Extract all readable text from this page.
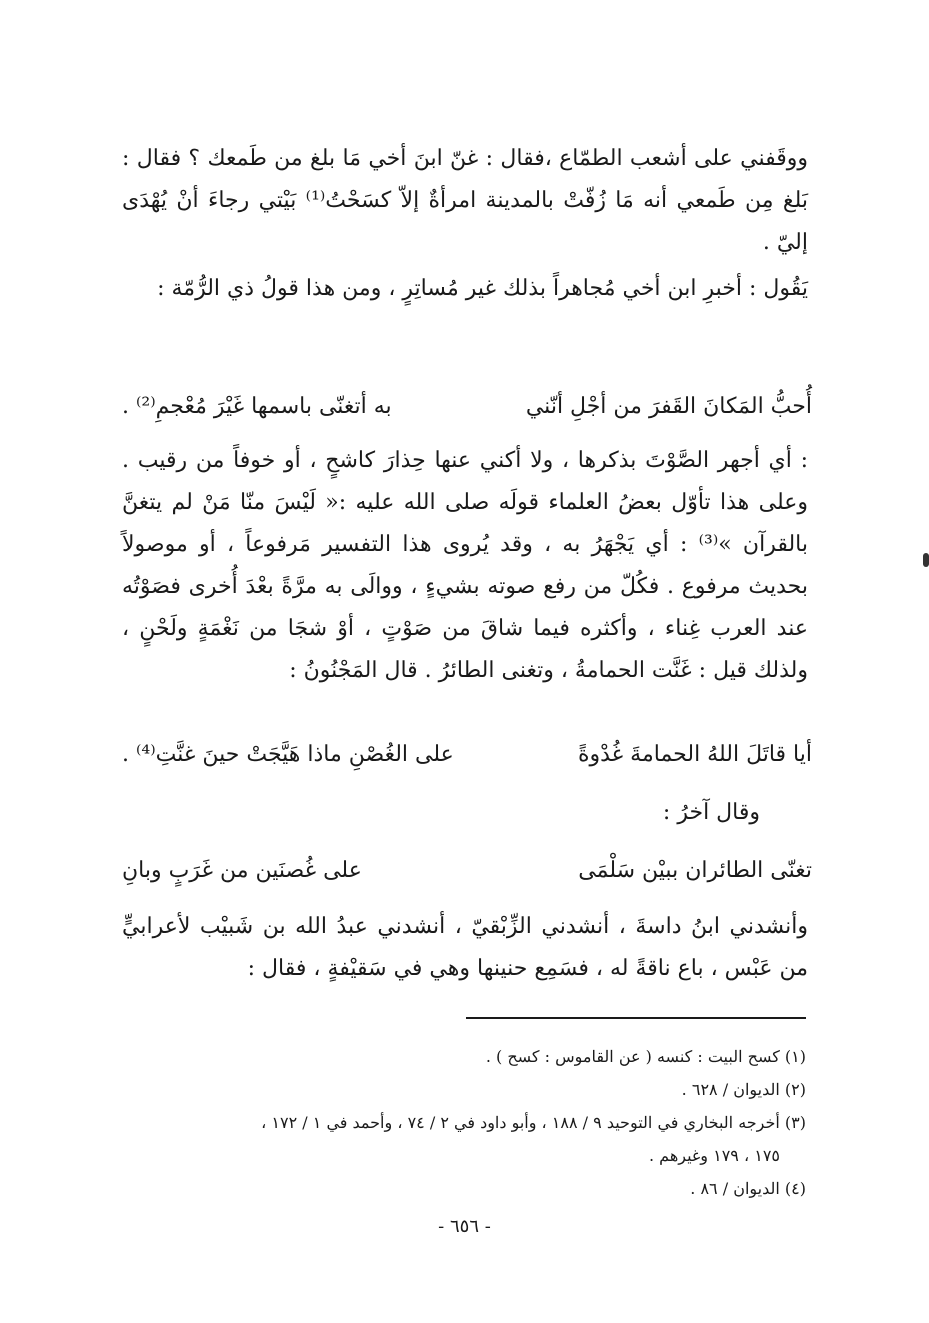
ووقَفني على أشعب الطمّاع ،فقال : غنّ ابنَ أخي مَا بلغ من طَمعك ؟ فقال : بَلغ مِن طَمعي أنه مَا زُفّتْ بالمدينة امرأةٌ إلاّ كسَحْتُ⁽¹⁾ بَيْتي رجاءَ أنْ يُهْدَى إليّ .

يَقُول : أخبرِ ابن أخي مُجاهراً بذلك غير مُساتِرٍ ، ومن هذا قولُ ذي الرُّمّة :

أُحبُّ المَكانَ القَفرَ من أجْلِ أنّني
به أتغنّى باسمها غَيْرَ مُعْجمِ⁽²⁾ .

: أي أجهر الصَّوْتَ بذكرها ، ولا أكني عنها حِذارَ كاشحٍ ، أو خوفاً من رقيب . وعلى هذا تأوّل بعضُ العلماء قولَه صلى الله عليه :« لَيْسَ منّا مَنْ لم يتغنَّ بالقرآن »⁽³⁾ : أي يَجْهَرُ به ، وقد يُروى هذا التفسير مَرفوعاً ، أو موصولاً بحديث مرفوع . فكُلّ من رفع صوته بشيءٍ ، ووالَى به مرَّةً بعْدَ أُخرى فصَوْتُه عند العرب غِناء ، وأكثره فيما شاقَ من صَوْتٍ ، أوْ شجَا من نَغْمَةٍ ولَحْنٍ ، ولذلك قيل : غَنَّت الحمامةُ ، وتغنى الطائرُ . قال المَجْنُونُ :

أيا قاتَلَ اللهُ الحمامةَ غُدْوةً
على الغُصْنِ ماذا هَيَّجَتْ حينَ غنَّتِ⁽⁴⁾ .

وقال آخرُ :

تغنّى الطائران ببيْن سَلْمَى
على غُصنَين من غَرَبٍ وبانِ

وأنشدني ابنُ داسةَ ، أنشدني الزِّبْقيّ ، أنشدني عبدُ الله بن شَبيْب لأعرابيٍّ من عَبْس ، باع ناقةً له ، فسَمِع حنينها وهي في سَقيْفةٍ ، فقال :

(١) كسح البيت : كنسه ( عن القاموس : كسح ) .

(٢) الديوان / ٦٢٨ .

(٣) أخرجه البخاري في التوحيد ٩ / ١٨٨ ، وأبو داود في ٢ / ٧٤ ، وأحمد في ١ / ١٧٢ ،

١٧٥ ، ١٧٩ وغيرهم .

(٤) الديوان / ٨٦ .

- ٦٥٦ -
